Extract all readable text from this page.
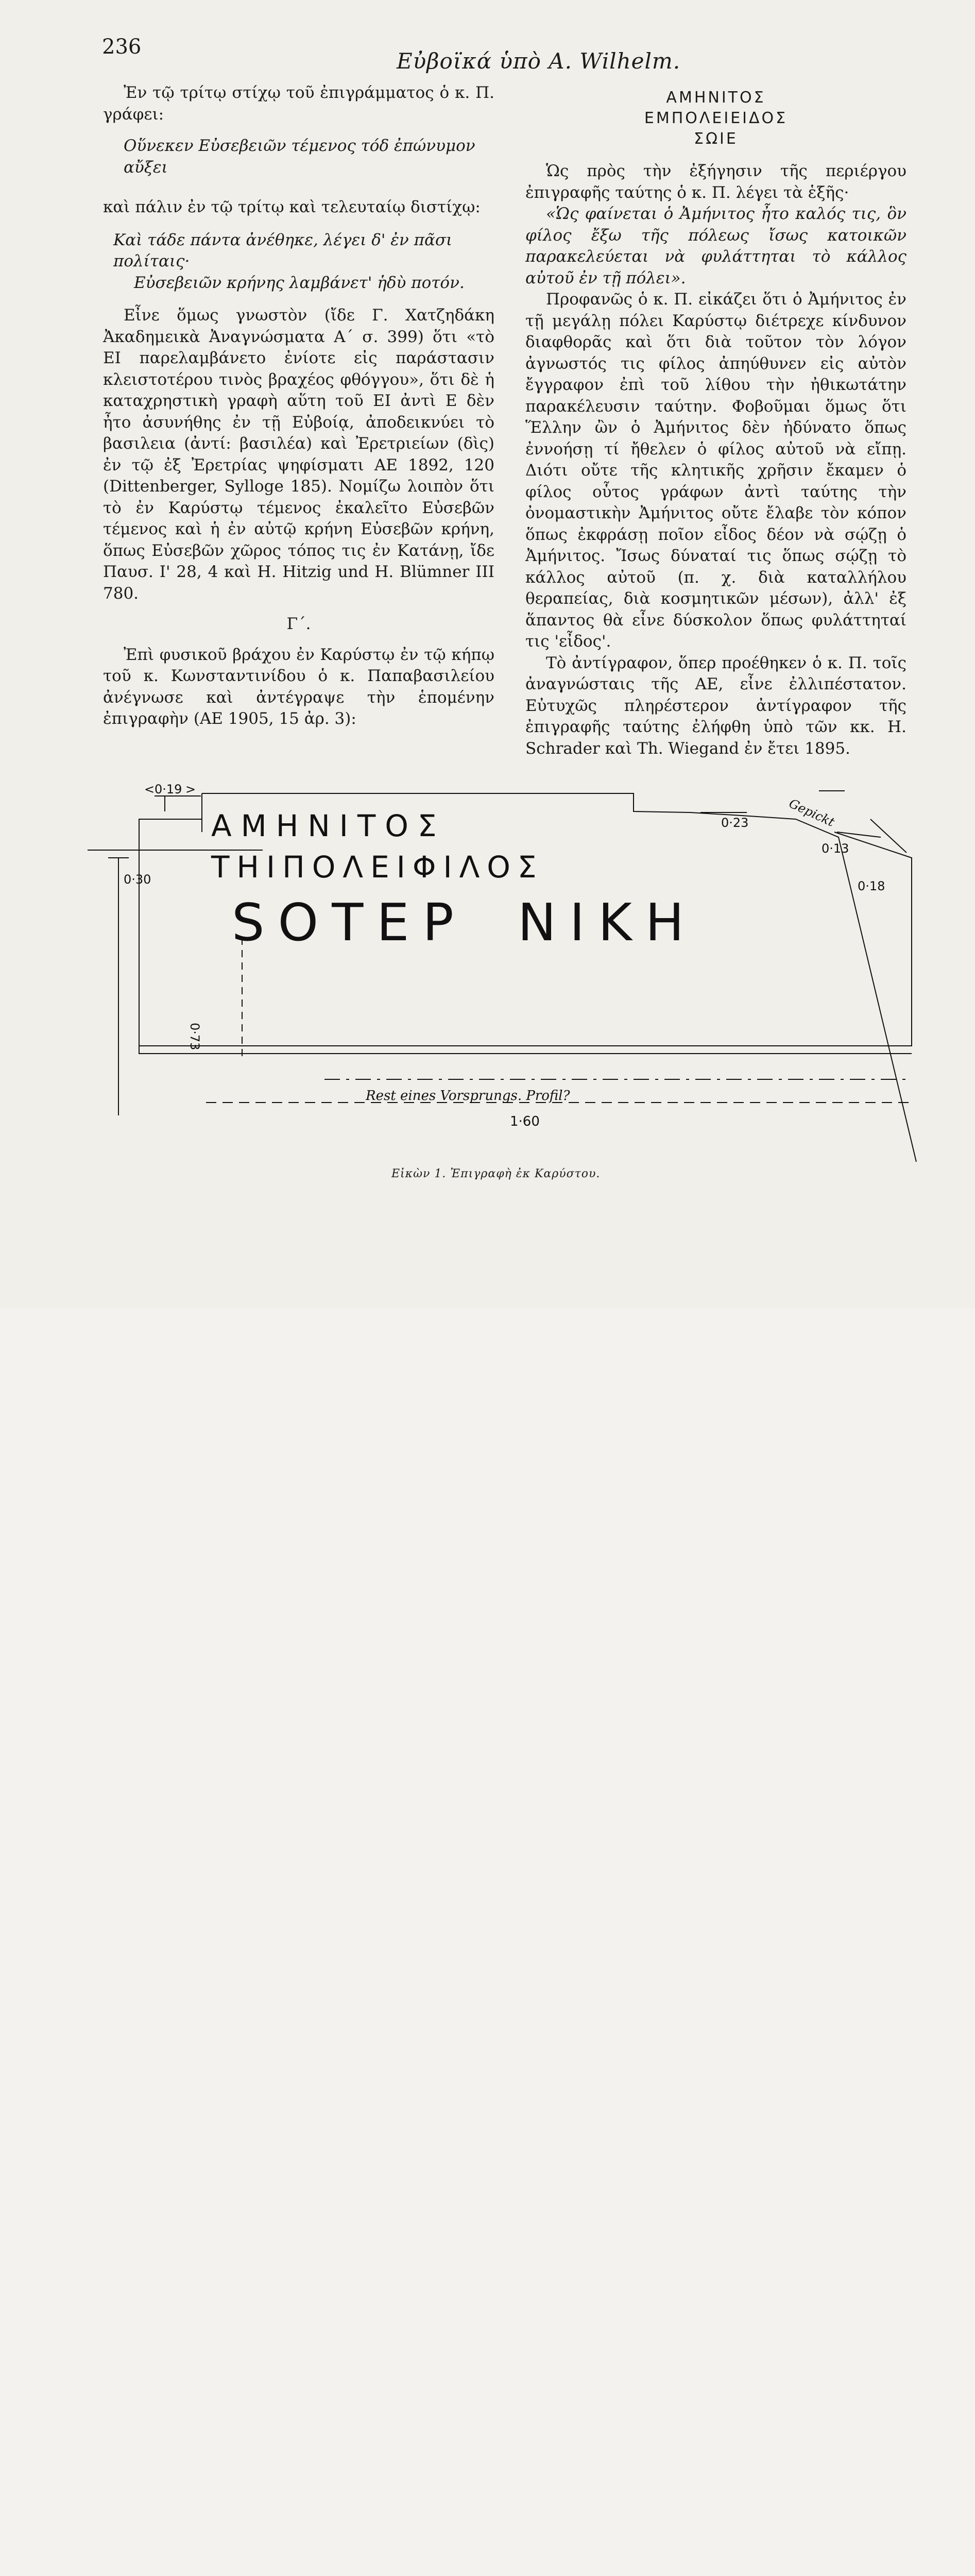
236
Εὐβοϊκά ὑπὸ A. Wilhelm.

Ἐν τῷ τρίτῳ στίχῳ τοῦ ἐπιγράμματος ὁ κ. Π. γράφει:

Οὕνεκεν Εὐσεβειῶν τέμενος τόδ ἐπώνυμον αὔξει

καὶ πάλιν ἐν τῷ τρίτῳ καὶ τελευταίῳ διστίχῳ:

Καὶ τάδε πάντα ἀνέθηκε, λέγει δ' ἐν πᾶσι πολίταις·

Εὐσεβειῶν κρήνης λαμβάνετ' ἡδὺ ποτόν.

Εἶνε ὅμως γνωστὸν (ἴδε Γ. Χατζηδάκη Ἀκαδημεικὰ Ἀναγνώσματα Α΄ σ. 399) ὅτι «τὸ EI παρελαμβάνετο ἐνίοτε εἰς παράστασιν κλειστοτέρου τινὸς βραχέος φθόγγου», ὅτι δὲ ἡ καταχρηστικὴ γραφὴ αὕτη τοῦ EI ἀντὶ E δὲν ἦτο ἀσυνήθης ἐν τῇ Εὐβοίᾳ, ἀποδεικνύει τὸ βασιλεια (ἀντί: βασιλέα) καὶ Ἐρετριείων (δὶς) ἐν τῷ ἐξ Ἐρετρίας ψηφίσματι ΑΕ 1892, 120 (Dittenberger, Sylloge 185). Νομίζω λοιπὸν ὅτι τὸ ἐν Καρύστῳ τέμενος ἐκαλεῖτο Εὐσεβῶν τέμενος καὶ ἡ ἐν αὐτῷ κρήνη Εὐσεβῶν κρήνη, ὅπως Εὐσεβῶν χῶρος τόπος τις ἐν Κατάνῃ, ἴδε Παυσ. Ι' 28, 4 καὶ H. Hitzig und H. Blümner III 780.

Γ΄.

Ἐπὶ φυσικοῦ βράχου ἐν Καρύστῳ ἐν τῷ κήπῳ τοῦ κ. Κωνσταντινίδου ὁ κ. Παπαβασιλείου ἀνέγνωσε καὶ ἀντέγραψε τὴν ἑπομένην ἐπιγραφὴν (ΑΕ 1905, 15 ἀρ. 3):

ΑΜΗΝΙΤΟΣ
ΕΜΠΟΛΕΙΕΙΔΟΣ
ΣΩΙΕ

Ὡς πρὸς τὴν ἐξήγησιν τῆς περιέργου ἐπιγραφῆς ταύτης ὁ κ. Π. λέγει τὰ ἑξῆς·

«Ὡς φαίνεται ὁ Ἀμήνιτος ἦτο καλός τις, ὃν φίλος ἔξω τῆς πόλεως ἴσως κατοικῶν παρακελεύεται νὰ φυλάττηται τὸ κάλλος αὐτοῦ ἐν τῇ πόλει».

Προφανῶς ὁ κ. Π. εἰκάζει ὅτι ὁ Ἀμήνιτος ἐν τῇ μεγάλῃ πόλει Καρύστῳ διέτρεχε κίνδυνον διαφθορᾶς καὶ ὅτι διὰ τοῦτον τὸν λόγον ἀγνωστός τις φίλος ἀπηύθυνεν εἰς αὐτὸν ἔγγραφον ἐπὶ τοῦ λίθου τὴν ἠθικωτάτην παρακέλευσιν ταύτην. Φοβοῦμαι ὅμως ὅτι Ἕλλην ὢν ὁ Ἀμήνιτος δὲν ἠδύνατο ὅπως ἐννοήσῃ τί ἤθελεν ὁ φίλος αὐτοῦ νὰ εἴπῃ. Διότι οὔτε τῆς κλητικῆς χρῆσιν ἔκαμεν ὁ φίλος οὗτος γράφων ἀντὶ ταύτης τὴν ὀνομαστικὴν Ἀμήνιτος οὔτε ἔλαβε τὸν κόπον ὅπως ἐκφράσῃ ποῖον εἶδος δέον νὰ σῴζῃ ὁ Ἀμήνιτος. Ἴσως δύναταί τις ὅπως σῴζῃ τὸ κάλλος αὐτοῦ (π. χ. διὰ καταλλήλου θεραπείας, διὰ κοσμητικῶν μέσων), ἀλλ' ἐξ ἅπαντος θὰ εἶνε δύσκολον ὅπως φυλάττηταί τις 'εἶδος'.

Τὸ ἀντίγραφον, ὅπερ προέθηκεν ὁ κ. Π. τοῖς ἀναγνώσταις τῆς ΑΕ, εἶνε ἐλλιπέστατον. Εὐτυχῶς πληρέστερον ἀντίγραφον τῆς ἐπιγραφῆς ταύτης ἐλήφθη ὑπὸ τῶν κκ. H. Schrader καὶ Th. Wiegand ἐν ἔτει 1895.

ΑΜΗΝΙΤΟΣ
ΤΗΙΠΟΛΕΙΦΙΛΟΣ
SOTEP ΝΙΚΗ
< 0·19 >
0·30
0·73
0·23
0·13
0·18
1·60
Gepickt
Rest eines Vorsprungs. Profil?
Εἰκὼν 1. Ἐπιγραφὴ ἐκ Καρύστου.
